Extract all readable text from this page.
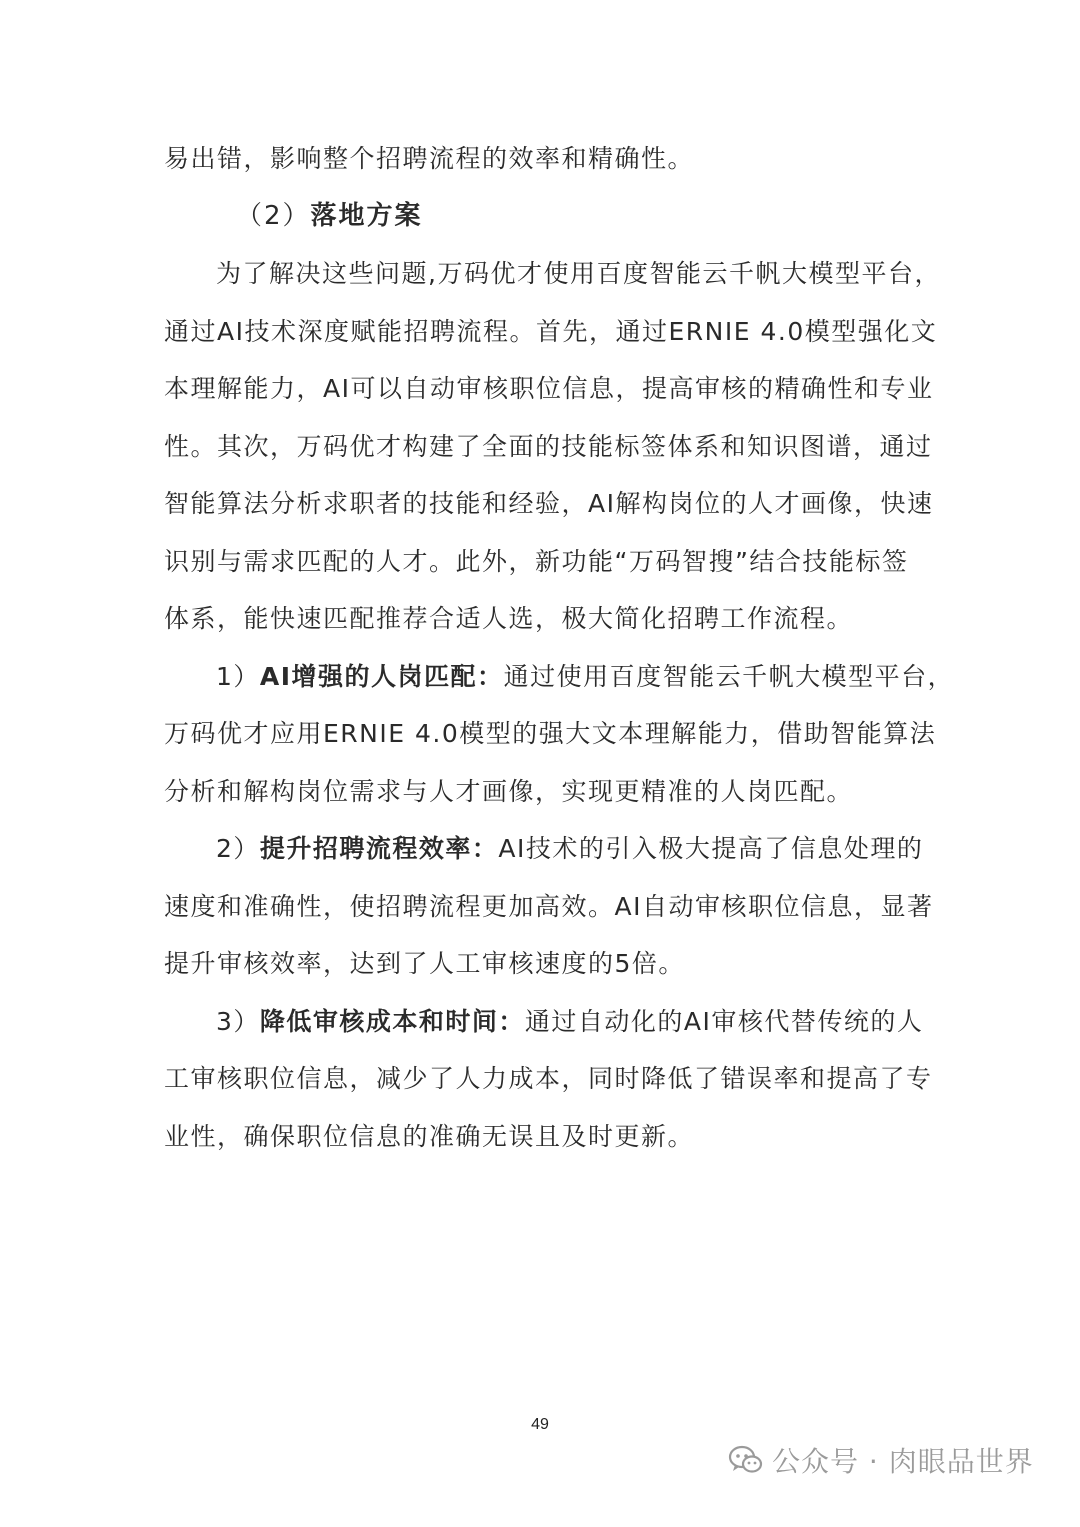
易出错，影响整个招聘流程的效率和精确性。

（2）落地方案

为了解决这些问题,万码优才使用百度智能云千帆大模型平台，

通过AI技术深度赋能招聘流程。首先，通过ERNIE 4.0模型强化文

本理解能力，AI可以自动审核职位信息，提高审核的精确性和专业

性。其次，万码优才构建了全面的技能标签体系和知识图谱，通过

智能算法分析求职者的技能和经验，AI解构岗位的人才画像，快速

识别与需求匹配的人才。此外，新功能“万码智搜”结合技能标签

体系，能快速匹配推荐合适人选，极大简化招聘工作流程。

1）AI增强的人岗匹配：通过使用百度智能云千帆大模型平台，

万码优才应用ERNIE 4.0模型的强大文本理解能力，借助智能算法

分析和解构岗位需求与人才画像，实现更精准的人岗匹配。

2）提升招聘流程效率：AI技术的引入极大提高了信息处理的

速度和准确性，使招聘流程更加高效。AI自动审核职位信息，显著

提升审核效率，达到了人工审核速度的5倍。

3）降低审核成本和时间：通过自动化的AI审核代替传统的人

工审核职位信息，减少了人力成本，同时降低了错误率和提高了专

业性，确保职位信息的准确无误且及时更新。

49
公众号 · 肉眼品世界
